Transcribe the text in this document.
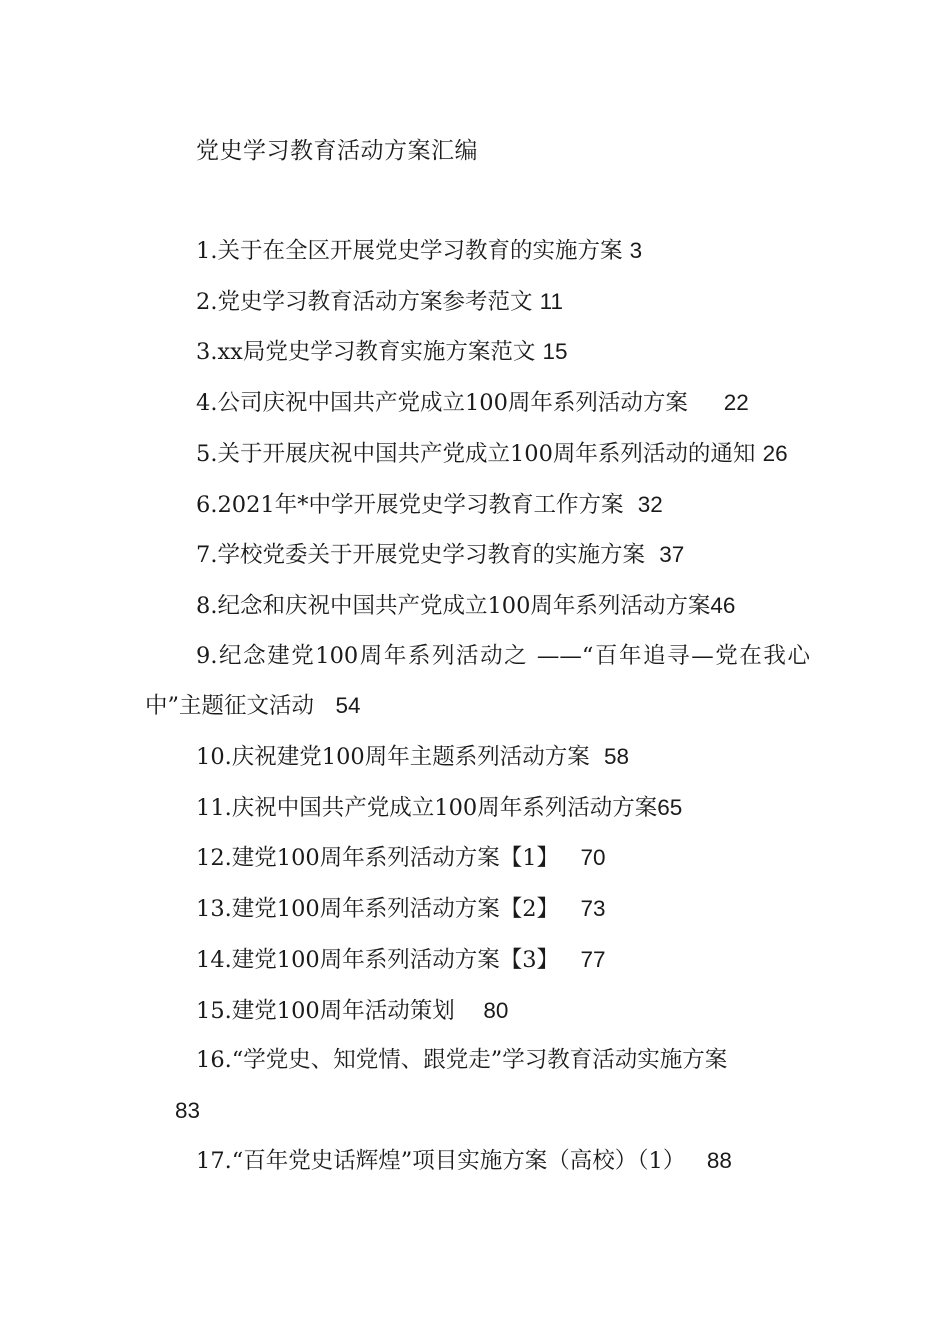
党史学习教育活动方案汇编
1.关于在全区开展党史学习教育的实施方案 3
2.党史学习教育活动方案参考范文 11
3.xx局党史学习教育实施方案范文 15
4.公司庆祝中国共产党成立100周年系列活动方案     22
5.关于开展庆祝中国共产党成立100周年系列活动的通知 26
6.2021年*中学开展党史学习教育工作方案  32
7.学校党委关于开展党史学习教育的实施方案  37
8.纪念和庆祝中国共产党成立100周年系列活动方案46
9.纪念建党100周年系列活动之 ——“百年追寻—党在我心中”主题征文活动   54
10.庆祝建党100周年主题系列活动方案  58
11.庆祝中国共产党成立100周年系列活动方案65
12.建党100周年系列活动方案【1】   70
13.建党100周年系列活动方案【2】   73
14.建党100周年系列活动方案【3】   77
15.建党100周年活动策划    80
16.“学党史、知党情、跟党走”学习教育活动实施方案
83
17.“百年党史话辉煌”项目实施方案（高校）（1）   88
